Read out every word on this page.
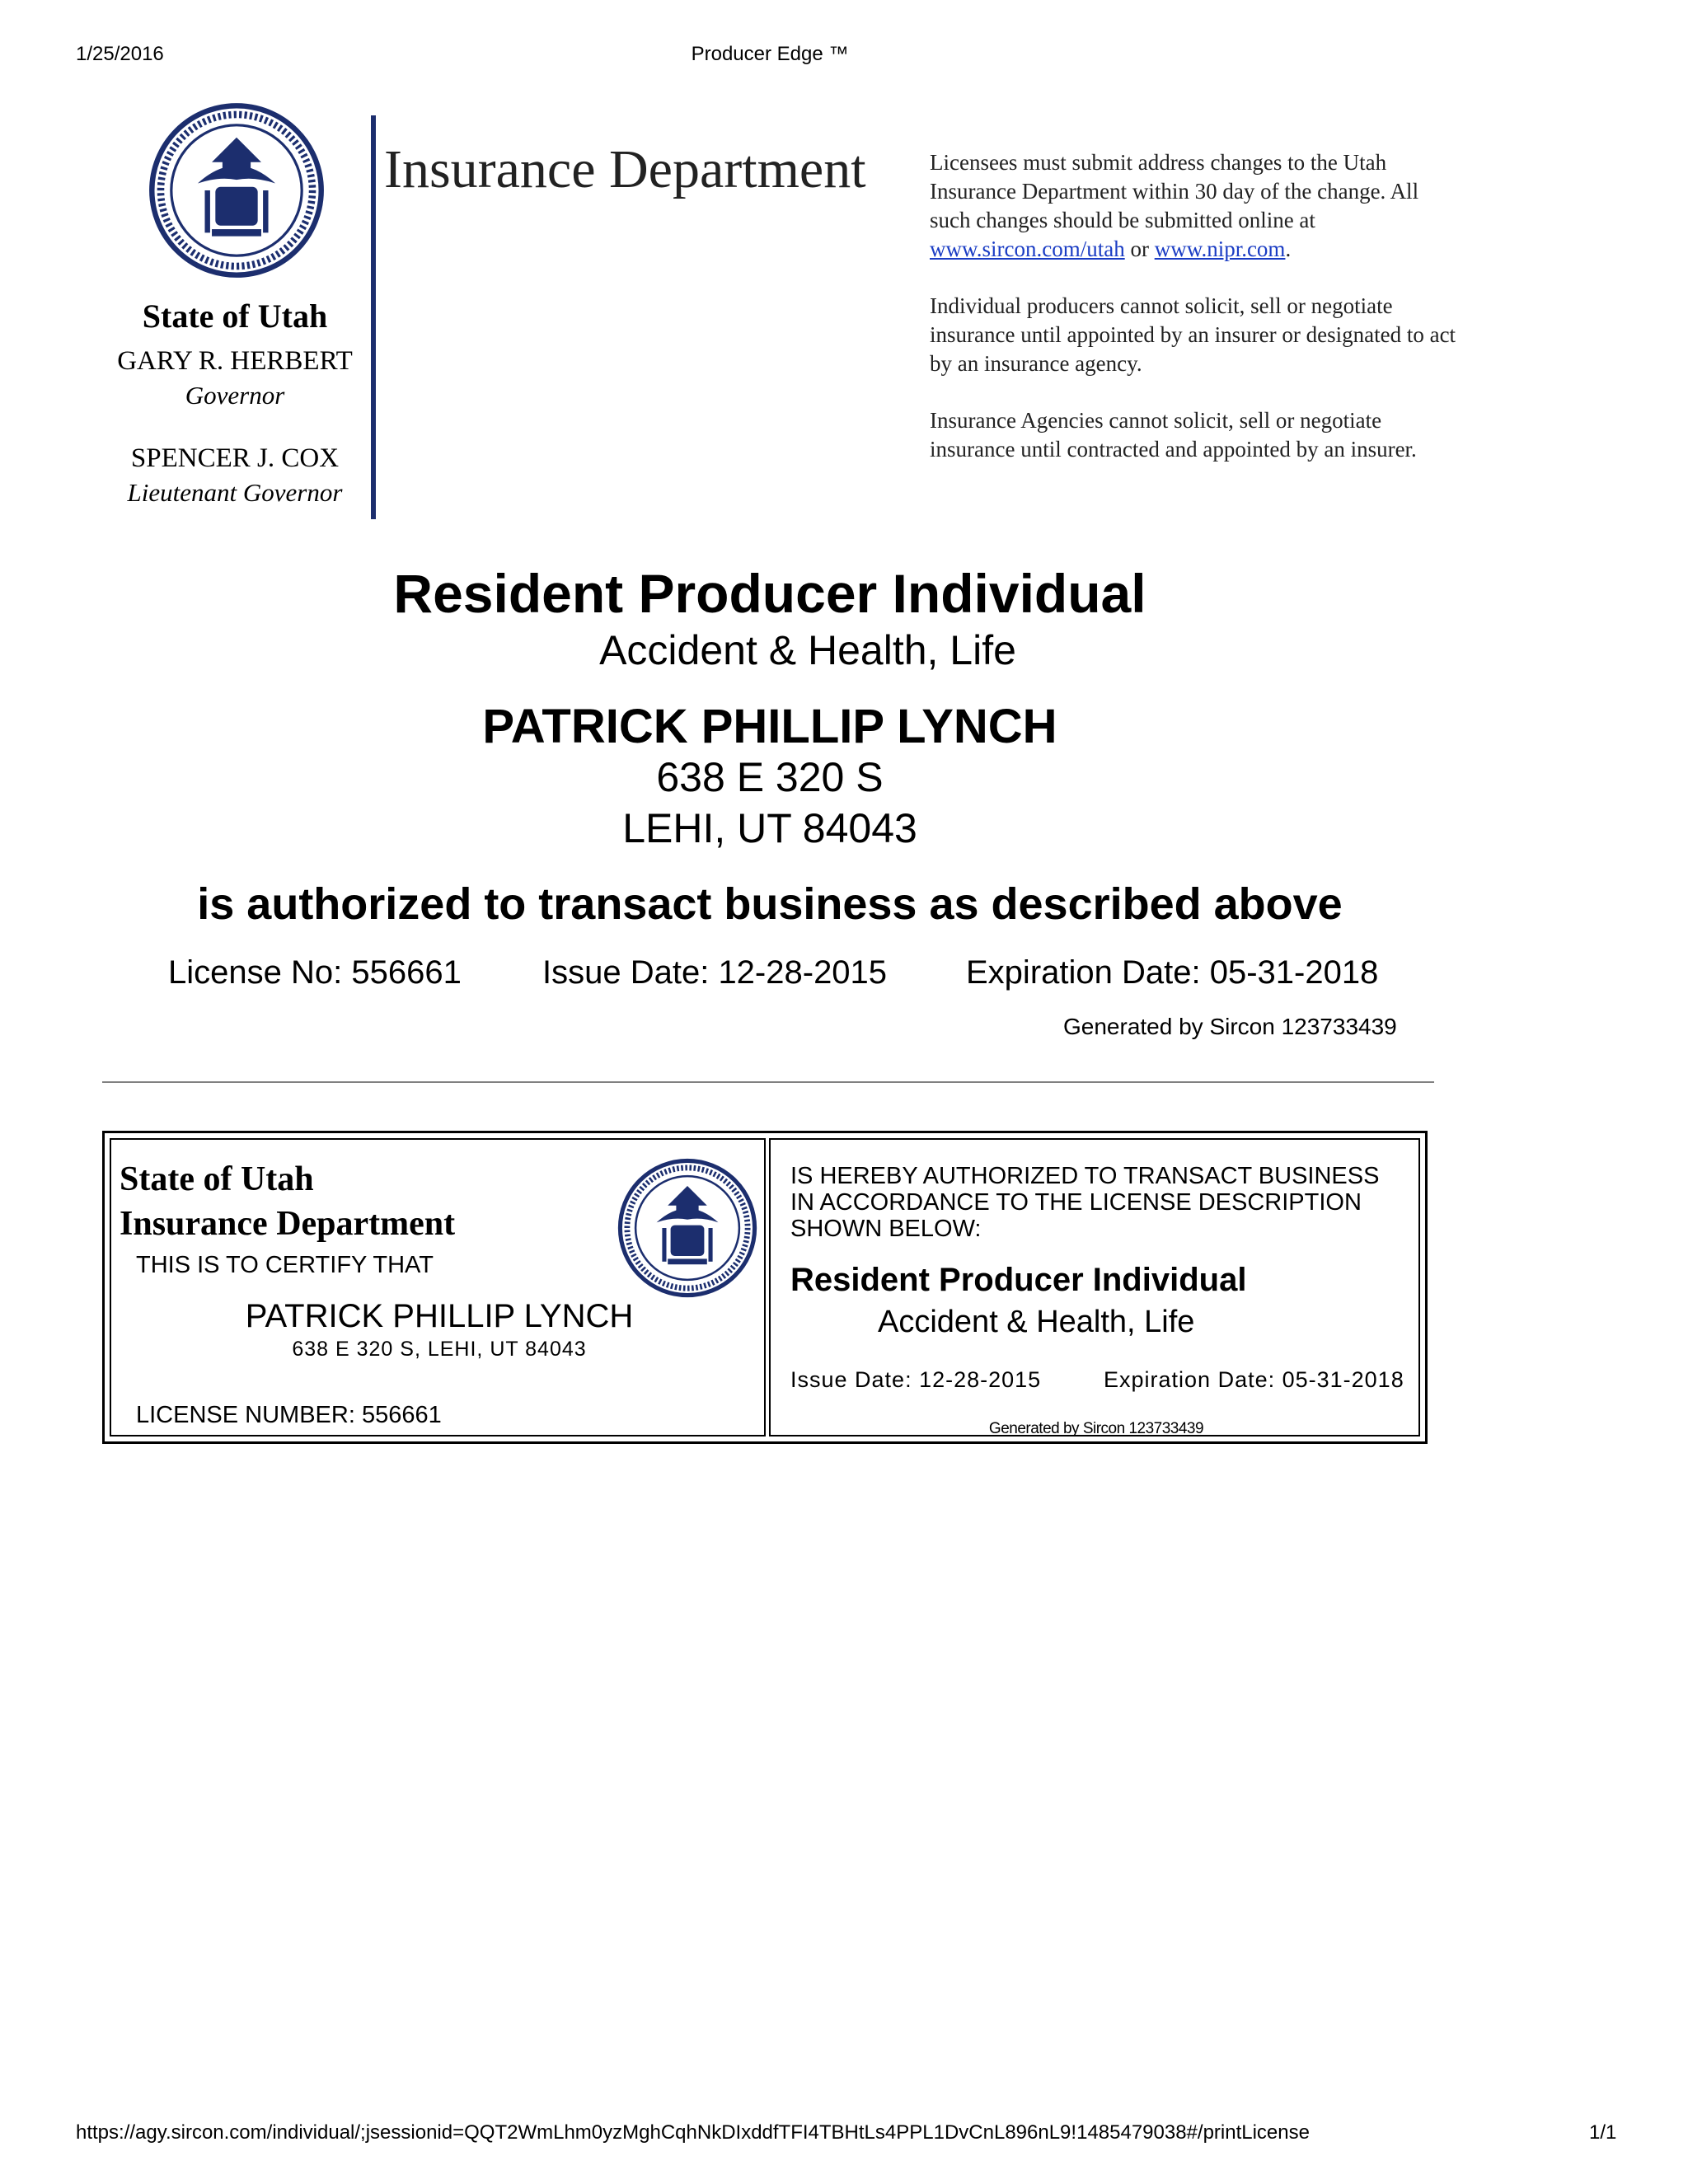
1/25/2016	Producer Edge ™
State of Utah
GARY R. HERBERT
Governor
SPENCER J. COX
Lieutenant Governor
Insurance Department	Licensees must submit address changes to the Utah Insurance Department within 30 day of the change. All such changes should be submitted online at www.sircon.com/utah or www.nipr.com.

Individual producers cannot solicit, sell or negotiate insurance until appointed by an insurer or designated to act by an insurance agency.

Insurance Agencies cannot solicit, sell or negotiate insurance until contracted and appointed by an insurer.

Resident Producer Individual
Accident & Health, Life
PATRICK PHILLIP LYNCH
638 E 320 S
LEHI, UT 84043
is authorized to transact business as described above
License No: 556661 Issue Date: 12-28-2015 Expiration Date: 05-31-2018
Generated by Sircon 123733439
State of Utah
Insurance Department
THIS IS TO CERTIFY THAT
PATRICK PHILLIP LYNCH
638 E 320 S, LEHI, UT 84043
LICENSE NUMBER: 556661
IS HEREBY AUTHORIZED TO TRANSACT BUSINESS IN ACCORDANCE TO THE LICENSE DESCRIPTION SHOWN BELOW:
Resident Producer Individual
Accident & Health, Life
Issue Date: 12-28-2015	Expiration Date: 05-31-2018
Generated by Sircon 123733439
https://agy.sircon.com/individual/;jsessionid=QQT2WmLhm0yzMghCqhNkDIxddfTFI4TBHtLs4PPL1DvCnL896nL9!1485479038#/printLicense	1/1
